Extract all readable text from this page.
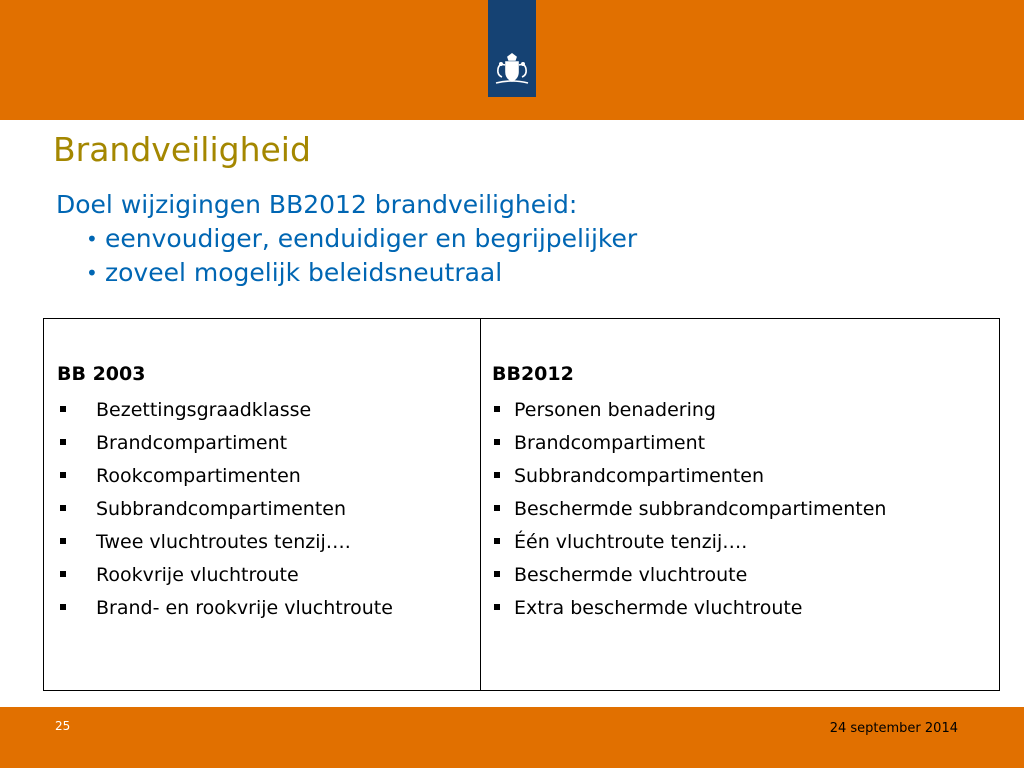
Brandveiligheid
Doel wijzigingen BB2012 brandveiligheid:
• eenvoudiger, eenduidiger en begrijpelijker
• zoveel mogelijk beleidsneutraal
BB 2003
Bezettingsgraadklasse
Brandcompartiment
Rookcompartimenten
Subbrandcompartimenten
Twee vluchtroutes tenzij….
Rookvrije vluchtroute
Brand- en rookvrije vluchtroute
BB2012
Personen benadering
Brandcompartiment
Subbrandcompartimenten
Beschermde subbrandcompartimenten
Één vluchtroute tenzij….
Beschermde vluchtroute
Extra beschermde vluchtroute
25	24 september 2014
